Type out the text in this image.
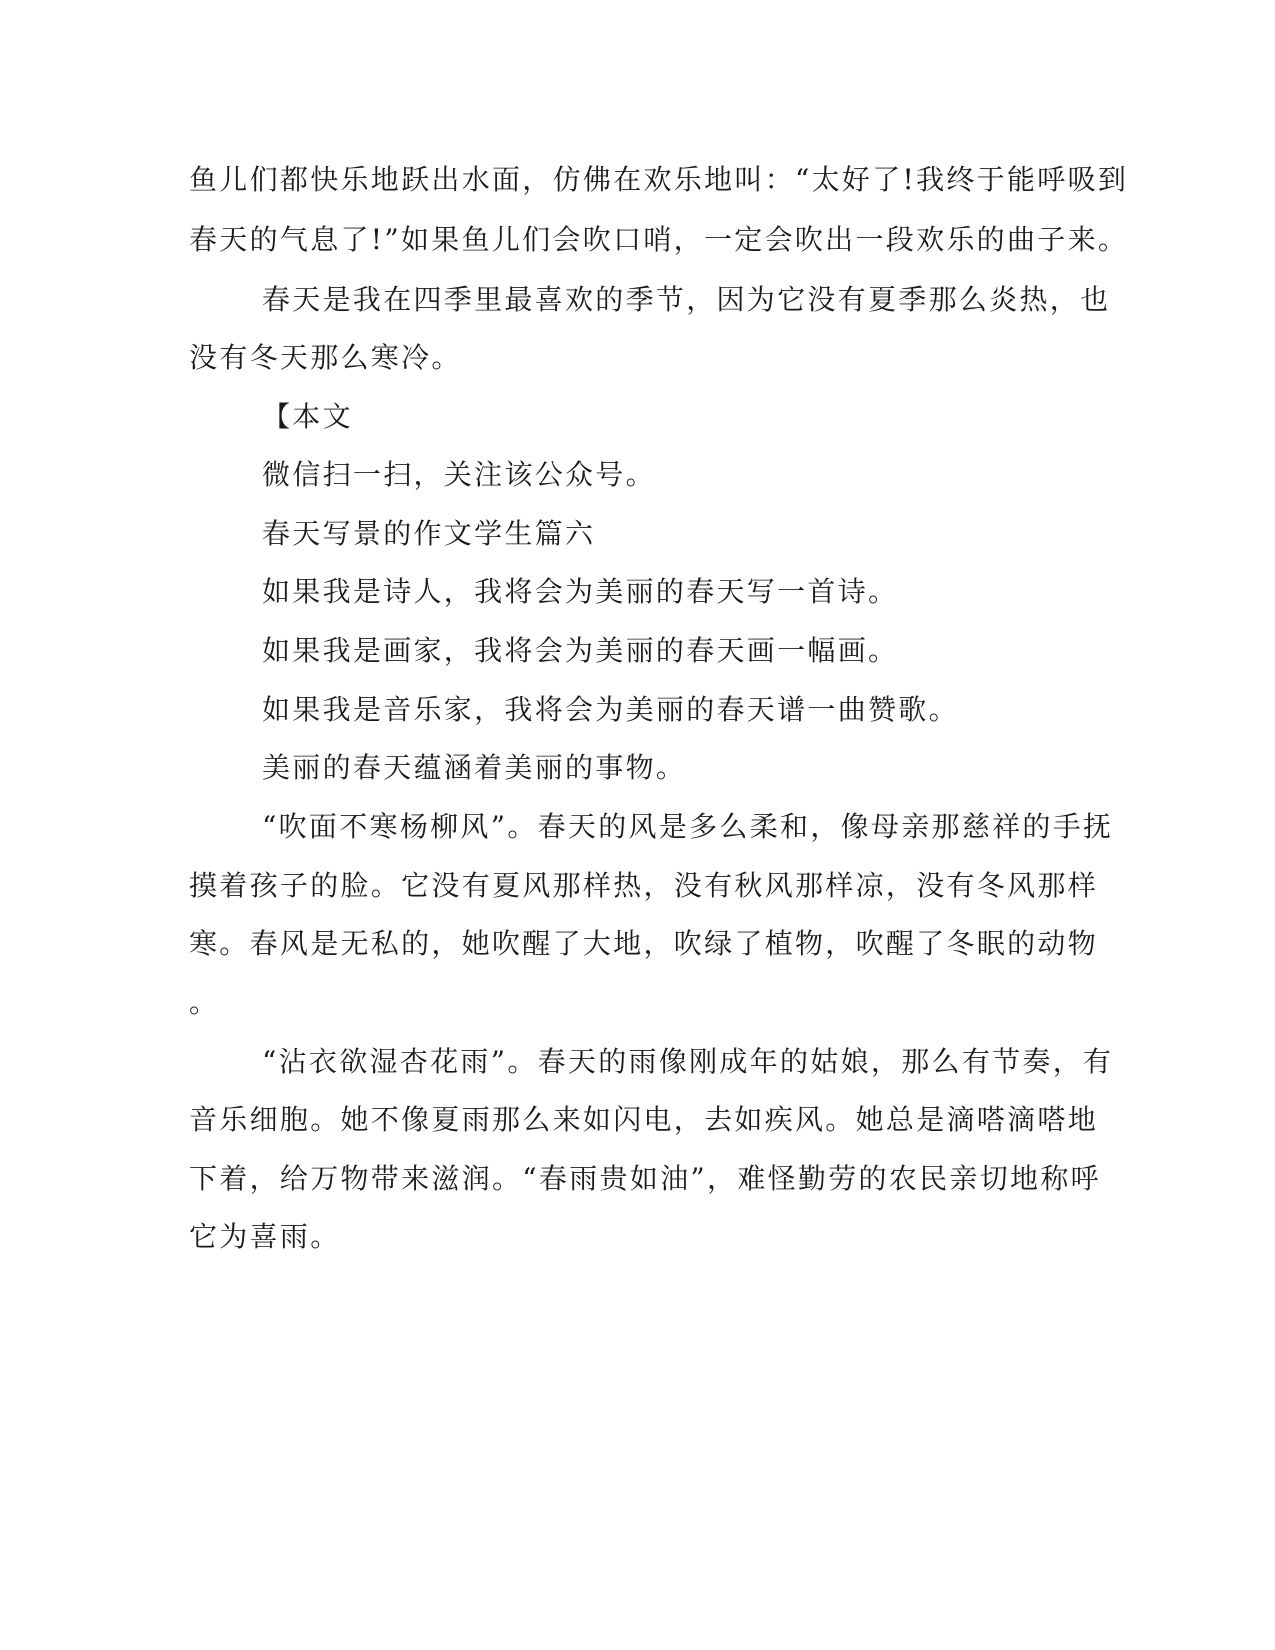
鱼儿们都快乐地跃出水面，仿佛在欢乐地叫：“太好了!我终于能呼吸到

春天的气息了!”如果鱼儿们会吹口哨，一定会吹出一段欢乐的曲子来。

春天是我在四季里最喜欢的季节，因为它没有夏季那么炎热，也

没有冬天那么寒冷。

【本文

微信扫一扫，关注该公众号。

春天写景的作文学生篇六

如果我是诗人，我将会为美丽的春天写一首诗。

如果我是画家，我将会为美丽的春天画一幅画。

如果我是音乐家，我将会为美丽的春天谱一曲赞歌。

美丽的春天蕴涵着美丽的事物。

“吹面不寒杨柳风”。春天的风是多么柔和，像母亲那慈祥的手抚

摸着孩子的脸。它没有夏风那样热，没有秋风那样凉，没有冬风那样

寒。春风是无私的，她吹醒了大地，吹绿了植物，吹醒了冬眠的动物

。

“沾衣欲湿杏花雨”。春天的雨像刚成年的姑娘，那么有节奏，有

音乐细胞。她不像夏雨那么来如闪电，去如疾风。她总是滴嗒滴嗒地

下着，给万物带来滋润。“春雨贵如油”，难怪勤劳的农民亲切地称呼

它为喜雨。
